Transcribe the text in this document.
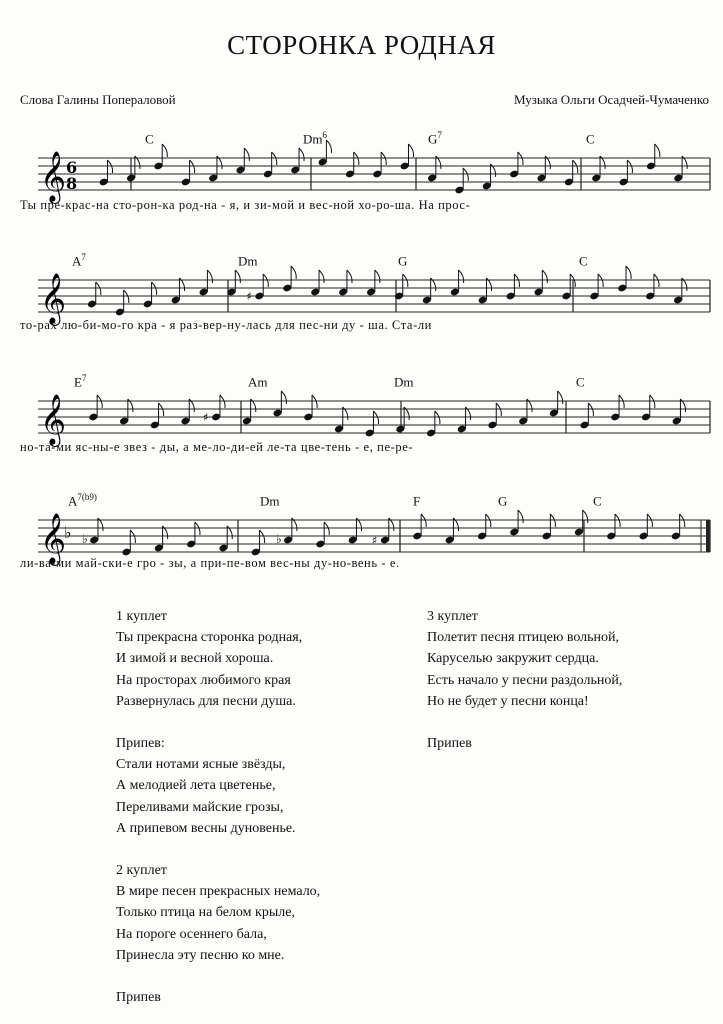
СТОРОНКА РОДНАЯ
Слова Галины Попераловой	Музыка Ольги Осадчей-Чумаченко
𝄞 6
8
C	Dm$^6$	$G^7$	C
Ты пре-крас-на сто-рон-ка род-на - я, и зи-мой и вес-ной хо-ро-ша. На прос-
𝄞	♯
$A^7$	Dm	G	C
то-рах лю-би-мо-го кра - я раз-вер-ну-лась для пес-ни ду - ша. Ста-ли
𝄞	♯
$E^7$	Am	Dm	C
но-та-ми яс-ны-е звез - ды, а ме-ло-ди-ей ле-та цве-тень - е, пе-ре-
𝄞
♭ ♭	♭	♯
$A^{7(b9)}$	Dm	F	G	C
ли-ва-ми май-ски-е гро - зы, а при-пе-вом вес-ны ду-но-вень - е.
1 куплет
Ты прекрасна сторонка родная,
И зимой и весной хороша.
На просторах любимого края
Развернулась для песни душа.
Припев:
Стали нотами ясные звёзды,
А мелодией лета цветенье,
Переливами майские грозы,
А припевом весны дуновенье.
2 куплет
В мире песен прекрасных немало,
Только птица на белом крыле,
На пороге осеннего бала,
Принесла эту песню ко мне.
Припев
3 куплет
Полетит песня птицею вольной,
Каруселью закружит сердца.
Есть начало у песни раздольной,
Но не будет у песни конца!
Припев
